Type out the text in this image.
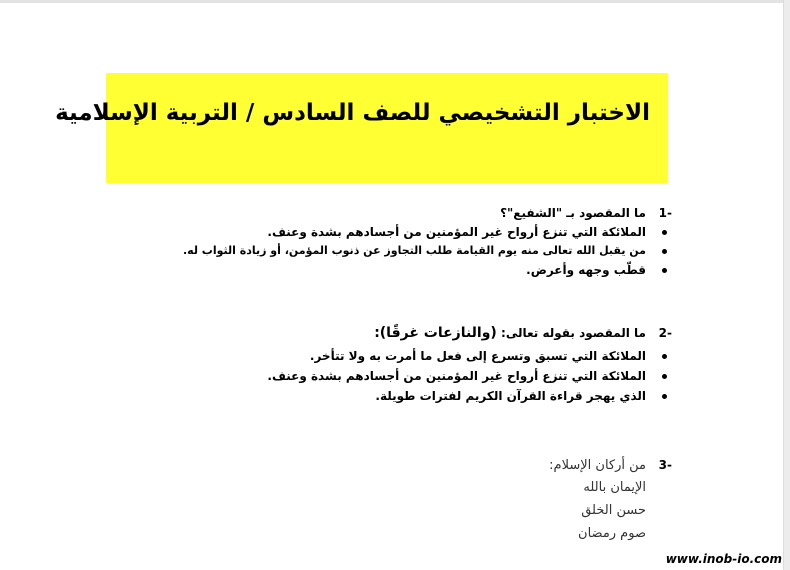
الاختبار التشخيصي للصف السادس / التربية الإسلامية
-1ما المقصود بـ "الشفيع"؟
الملائكة التي تنزع أرواح غير المؤمنين من أجسادهم بشدة وعنف.
من يقبل الله تعالى منه يوم القيامة طلب التجاوز عن ذنوب المؤمن، أو زيادة الثواب له.
قطّب وجهه وأعرض.
-2ما المقصود بقوله تعالى: (والنازعات غرقًا):
الملائكة التي تسبق وتسرع إلى فعل ما أمرت به ولا تتأخر.
الملائكة التي تنزع أرواح غير المؤمنين من أجسادهم بشدة وعنف.
الذي يهجر قراءة القرآن الكريم لفترات طويلة.
-3من أركان الإسلام:
الإيمان بالله
حسن الخلق
صوم رمضان
www.inob-io.com
